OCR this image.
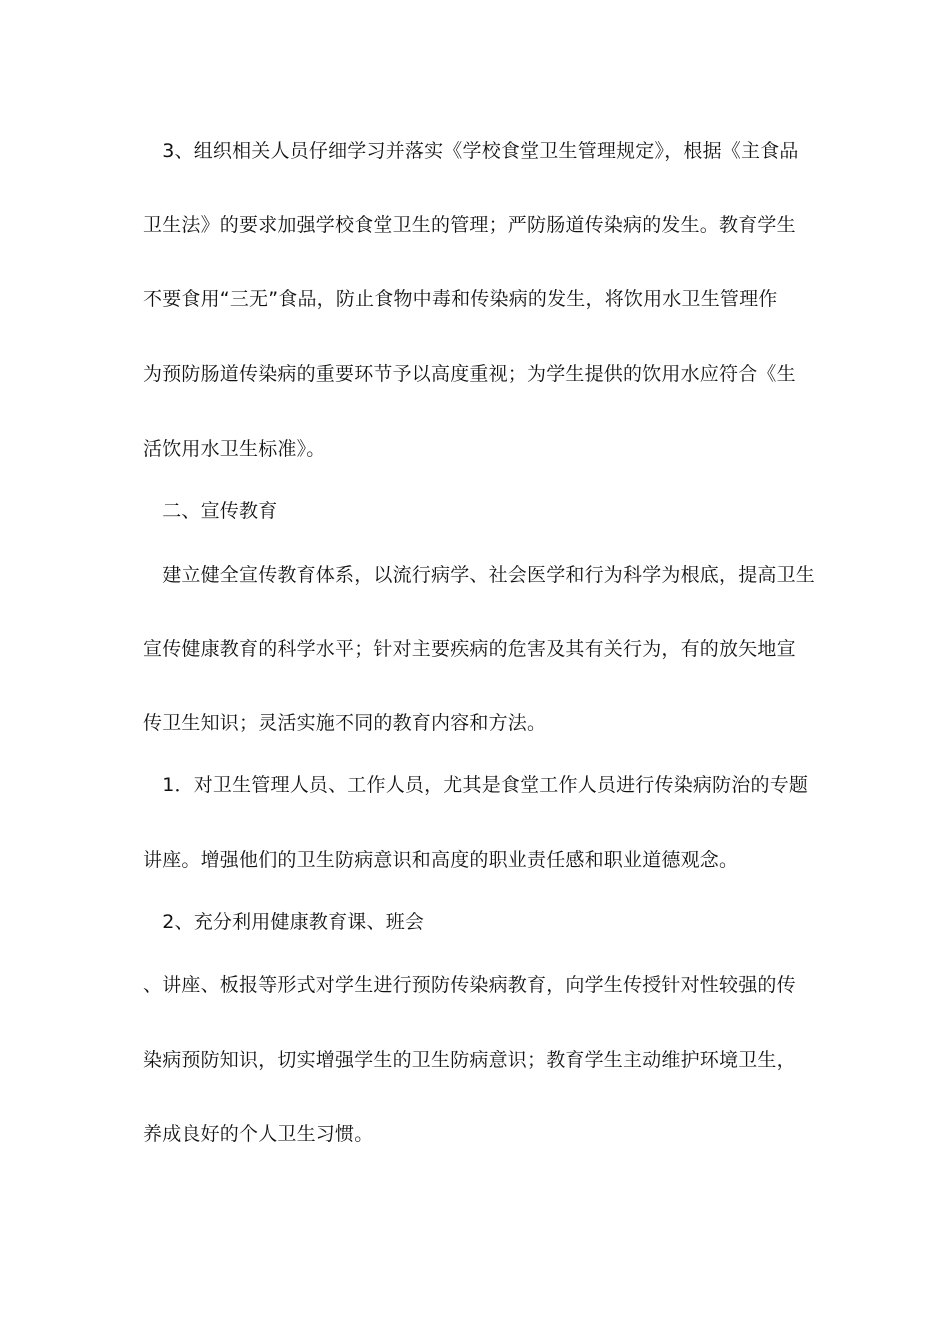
　3、组织相关人员仔细学习并落实《学校食堂卫生管理规定》，根据《主食品
卫生法》的要求加强学校食堂卫生的管理；严防肠道传染病的发生。教育学生
不要食用“三无”食品，防止食物中毒和传染病的发生，将饮用水卫生管理作
为预防肠道传染病的重要环节予以高度重视；为学生提供的饮用水应符合《生
活饮用水卫生标准》。
　二、宣传教育
　建立健全宣传教育体系，以流行病学、社会医学和行为科学为根底，提高卫生
宣传健康教育的科学水平；针对主要疾病的危害及其有关行为，有的放矢地宣
传卫生知识；灵活实施不同的教育内容和方法。
　1．对卫生管理人员、工作人员，尤其是食堂工作人员进行传染病防治的专题
讲座。增强他们的卫生防病意识和高度的职业责任感和职业道德观念。
　2、充分利用健康教育课、班会
、讲座、板报等形式对学生进行预防传染病教育，向学生传授针对性较强的传
染病预防知识，切实增强学生的卫生防病意识；教育学生主动维护环境卫生，
养成良好的个人卫生习惯。
